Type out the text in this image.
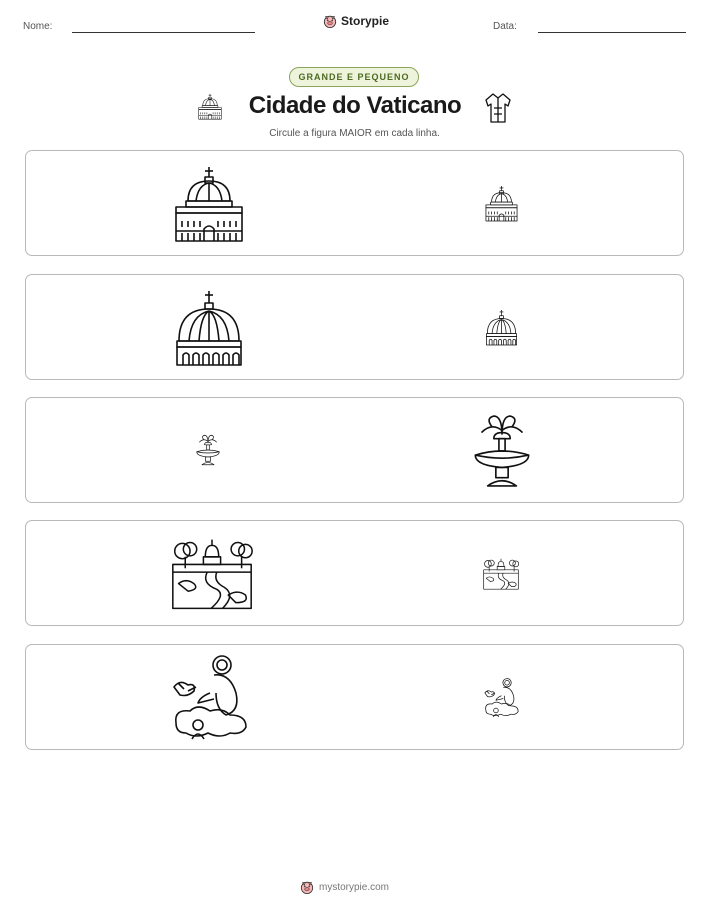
Nome:	Storypie	Data:
GRANDE E PEQUENO
Cidade do Vaticano
Circule a figura MAIOR em cada linha.
mystorypie.com
